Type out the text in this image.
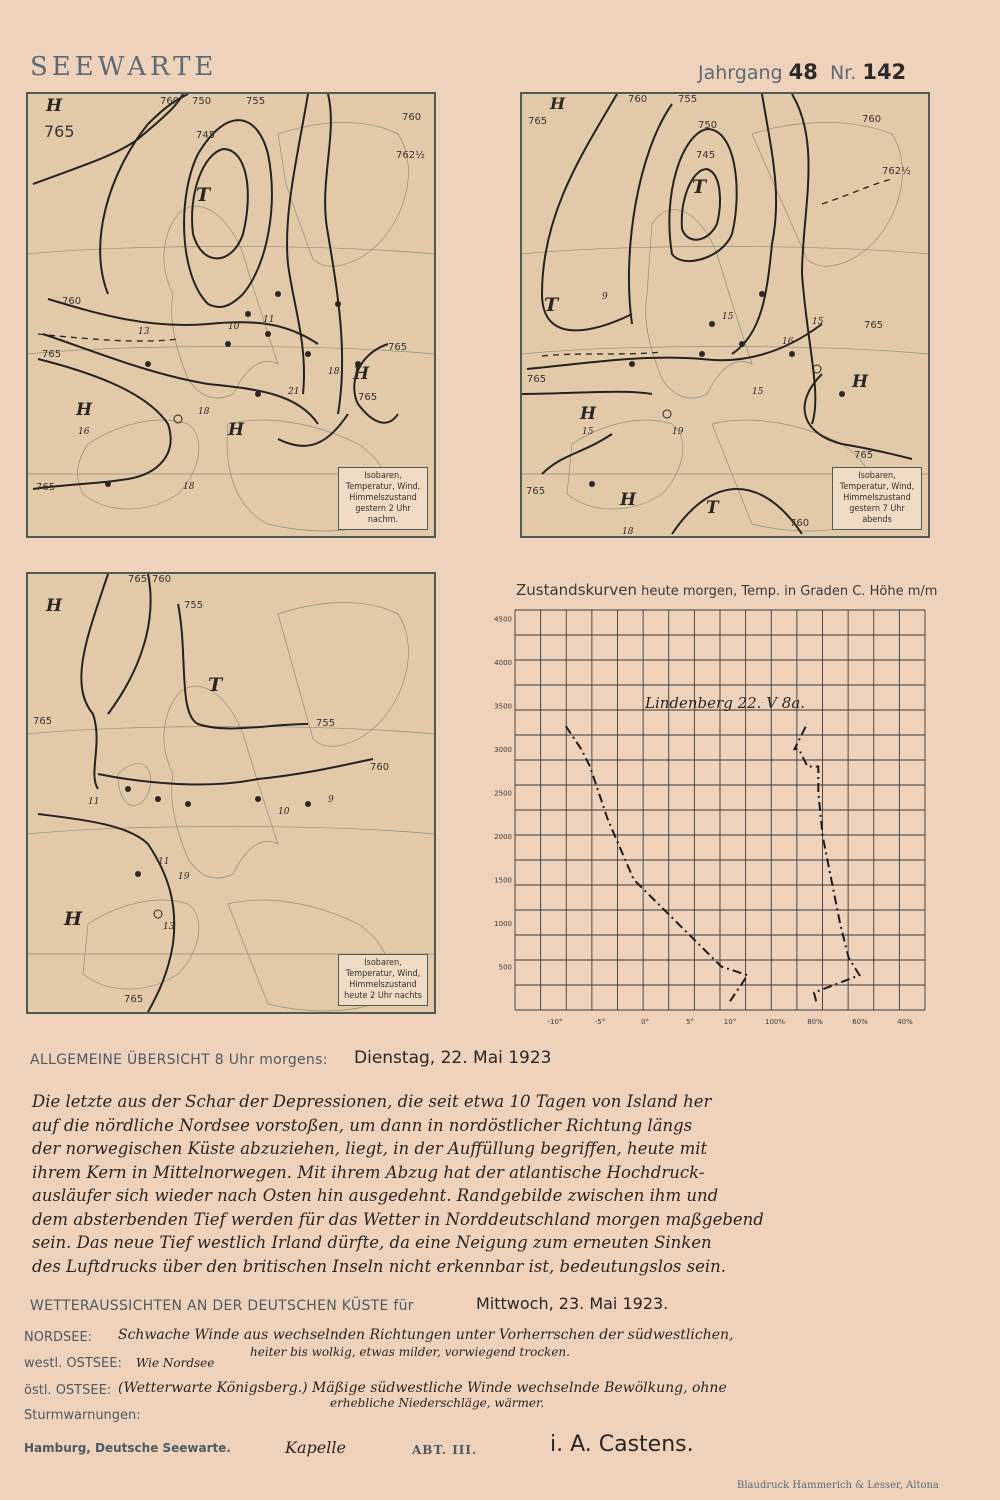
SEEWARTE	Jahrgang 48 Nr. 142
13	10
11
18
21
18
16
18
765
760	755
750
745
762½
760
765
765
765
760
765
H
T
H
H
H
Isobaren,
Temperatur, Wind,
Himmelszustand
gestern 2 Uhr nachm.
9
15
16
19
15
15
15
18
765
760	755
750
745
762½
765
765
760
760
765
765
H
T
T
H
H
H	T
Isobaren,
Temperatur, Wind,
Himmelszustand
gestern 7 Uhr abends
11
11
19
13
9
10
765 760
755
755
760
765
765
H
T
H
Isobaren,
Temperatur, Wind,
Himmelszustand
heute 2 Uhr nachts
Zustandskurven heute morgen, Temp. in Graden C. Höhe m/m
4500
4000
3500
3000
2500
2000
1500
1000
500
-10°	-5°	0°	5°	10°	100%	80%	60%	40%
Lindenberg 22. V 8a.
ALLGEMEINE ÜBERSICHT 8 Uhr morgens: Dienstag, 22. Mai 1923
Die letzte aus der Schar der Depressionen, die seit etwa 10 Tagen von Island her
auf die nördliche Nordsee vorstoßen, um dann in nordöstlicher Richtung längs
der norwegischen Küste abzuziehen, liegt, in der Auffüllung begriffen, heute mit
ihrem Kern in Mittelnorwegen. Mit ihrem Abzug hat der atlantische Hochdruck-
ausläufer sich wieder nach Osten hin ausgedehnt. Randgebilde zwischen ihm und
dem absterbenden Tief werden für das Wetter in Norddeutschland morgen maßgebend
sein. Das neue Tief westlich Irland dürfte, da eine Neigung zum erneuten Sinken
des Luftdrucks über den britischen Inseln nicht erkennbar ist, bedeutungslos sein.
WETTERAUSSICHTEN AN DER DEUTSCHEN KÜSTE für	Mittwoch, 23. Mai 1923.
NORDSEE: Schwache Winde aus wechselnden Richtungen unter Vorherrschen der südwestlichen,
heiter bis wolkig, etwas milder, vorwiegend trocken.
westl. OSTSEE: Wie Nordsee
östl. OSTSEE: (Wetterwarte Königsberg.) Mäßige südwestliche Winde wechselnde Bewölkung, ohne
erhebliche Niederschläge, wärmer.
Sturmwarnungen:
Hamburg, Deutsche Seewarte.	Kapelle	ABT. III.	i. A. Castens.
Blaudruck Hammerich & Lesser, Altona
